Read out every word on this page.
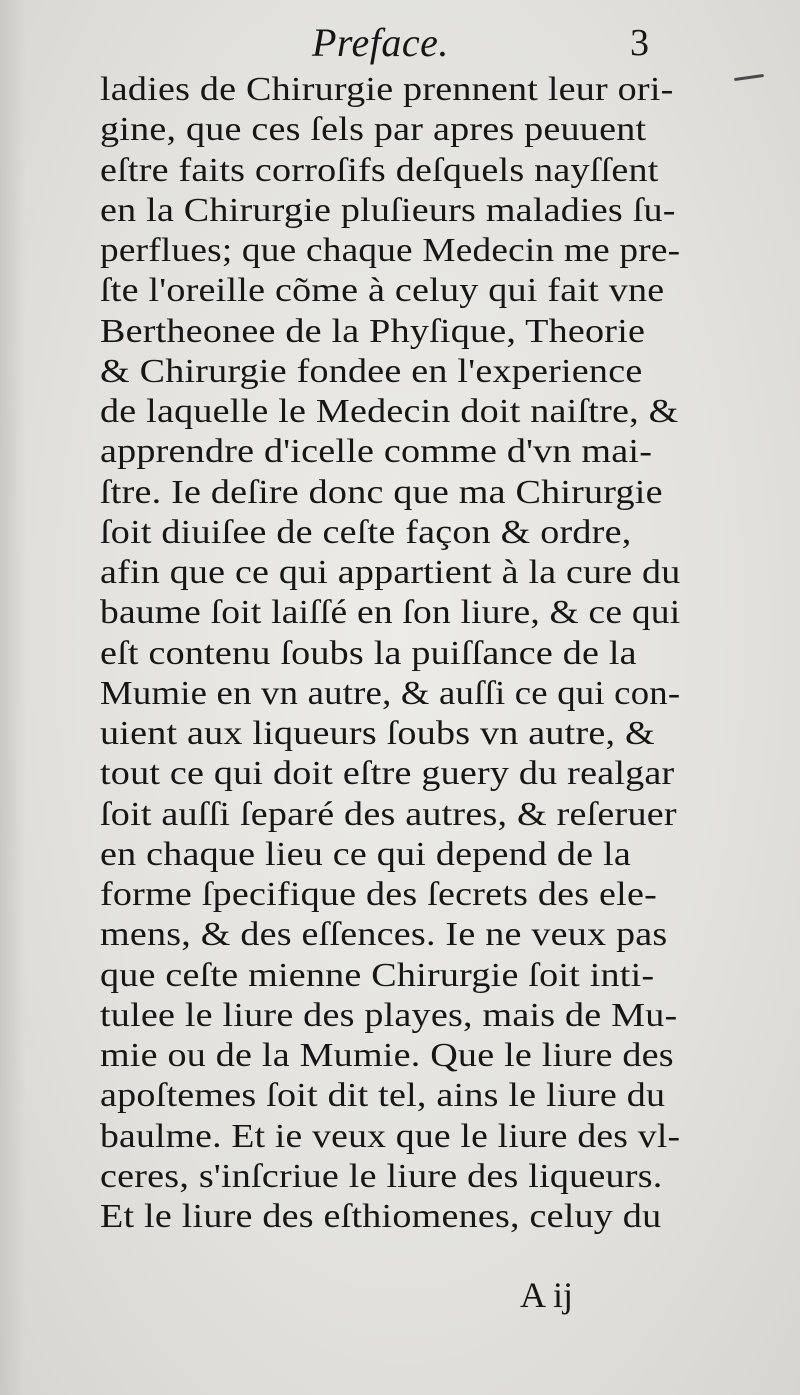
Preface.	3
ladies de Chirurgie prennent leur ori-
gine, que ces ſels par apres peuuent
eſtre faits corroſifs deſquels nayſſent
en la Chirurgie pluſieurs maladies ſu-
perflues; que chaque Medecin me pre-
ſte l'oreille cõme à celuy qui fait vne
Bertheonee de la Phyſique, Theorie
& Chirurgie fondee en l'experience
de laquelle le Medecin doit naiſtre, &
apprendre d'icelle comme d'vn mai-
ſtre. Ie deſire donc que ma Chirurgie
ſoit diuiſee de ceſte façon & ordre,
afin que ce qui appartient à la cure du
baume ſoit laiſſé en ſon liure, & ce qui
eſt contenu ſoubs la puiſſance de la
Mumie en vn autre, & auſſi ce qui con-
uient aux liqueurs ſoubs vn autre, &
tout ce qui doit eſtre guery du realgar
ſoit auſſi ſeparé des autres, & reſeruer
en chaque lieu ce qui depend de la
forme ſpecifique des ſecrets des ele-
mens, & des eſſences. Ie ne veux pas
que ceſte mienne Chirurgie ſoit inti-
tulee le liure des playes, mais de Mu-
mie ou de la Mumie. Que le liure des
apoſtemes ſoit dit tel, ains le liure du
baulme. Et ie veux que le liure des vl-
ceres, s'inſcriue le liure des liqueurs.
Et le liure des eſthiomenes, celuy du
A ij
